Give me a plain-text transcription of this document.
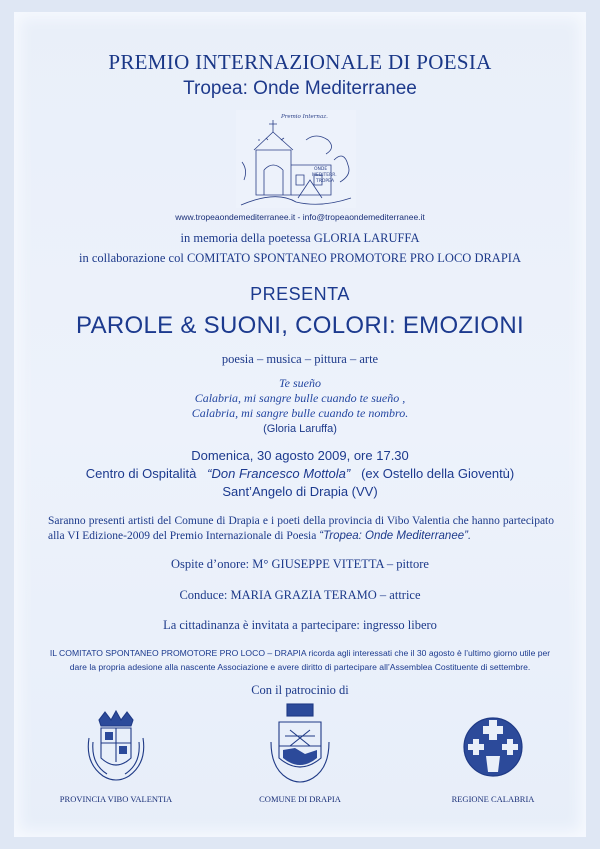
PREMIO INTERNAZIONALE DI POESIA
Tropea: Onde Mediterranee
Premio Internaz.
ONDE
MEDITERR.
TROPEA
www.tropeaondemediterranee.it - info@tropeaondemediterranee.it
in memoria della poetessa GLORIA LARUFFA
in collaborazione col COMITATO SPONTANEO PROMOTORE PRO LOCO DRAPIA
PRESENTA
PAROLE & SUONI, COLORI: EMOZIONI
poesia – musica – pittura – arte
Te sueño
Calabria, mi sangre bulle cuando te sueño ,
Calabria, mi sangre bulle cuando te nombro.
(Gloria Laruffa)
Domenica, 30 agosto 2009, ore 17.30
Centro di Ospitalità “Don Francesco Mottola” (ex Ostello della Gioventù)
Sant’Angelo di Drapia (VV)
Saranno presenti artisti del Comune di Drapia e i poeti della provincia di Vibo Valentia che hanno partecipato alla VI Edizione-2009 del Premio Internazionale di Poesia “Tropea: Onde Mediterranee”.
Ospite d’onore: M° GIUSEPPE VITETTA – pittore
Conduce: MARIA GRAZIA TERAMO – attrice
La cittadinanza è invitata a partecipare: ingresso libero
IL COMITATO SPONTANEO PROMOTORE PRO LOCO – DRAPIA ricorda agli interessati che il 30 agosto è l’ultimo giorno utile per dare la propria adesione alla nascente Associazione e avere diritto di partecipare all’Assemblea Costituente di settembre.
Con il patrocinio di
PROVINCIA VIBO VALENTIA	COMUNE DI DRAPIA	REGIONE CALABRIA
